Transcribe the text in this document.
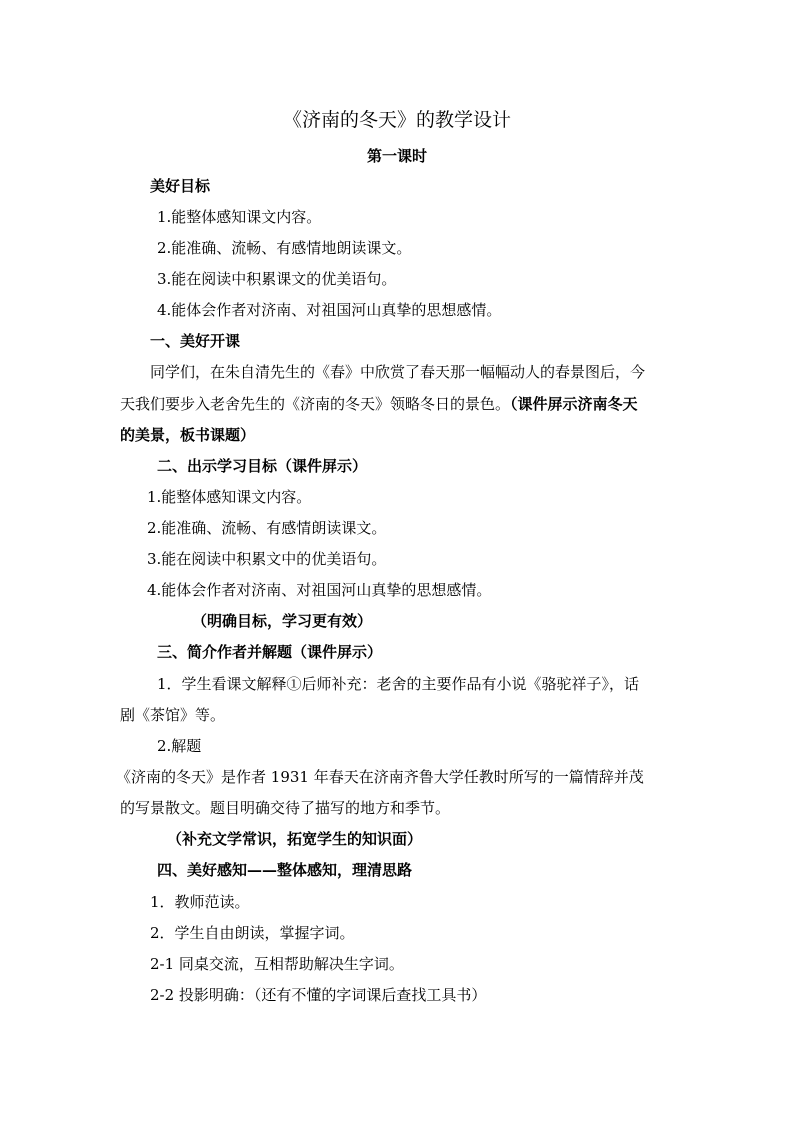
《济南的冬天》的教学设计
第一课时
美好目标
1.能整体感知课文内容。
2.能准确、流畅、有感情地朗读课文。
3.能在阅读中积累课文的优美语句。
4.能体会作者对济南、对祖国河山真挚的思想感情。
一、美好开课
同学们，在朱自清先生的《春》中欣赏了春天那一幅幅动人的春景图后，今
天我们要步入老舍先生的《济南的冬天》领略冬日的景色。（课件屏示济南冬天
的美景，板书课题）
二、出示学习目标（课件屏示）
1.能整体感知课文内容。
2.能准确、流畅、有感情朗读课文。
3.能在阅读中积累文中的优美语句。
4.能体会作者对济南、对祖国河山真挚的思想感情。
（明确目标，学习更有效）
三、简介作者并解题（课件屏示）
1．学生看课文解释①后师补充：老舍的主要作品有小说《骆驼祥子》，话
剧《茶馆》等。
2.解题
《济南的冬天》是作者 1931 年春天在济南齐鲁大学任教时所写的一篇情辞并茂
的写景散文。题目明确交待了描写的地方和季节。
（补充文学常识，拓宽学生的知识面）
四、美好感知——整体感知，理清思路
1．教师范读。
2．学生自由朗读，掌握字词。
2-1 同桌交流，互相帮助解决生字词。
2-2 投影明确：（还有不懂的字词课后查找工具书）
